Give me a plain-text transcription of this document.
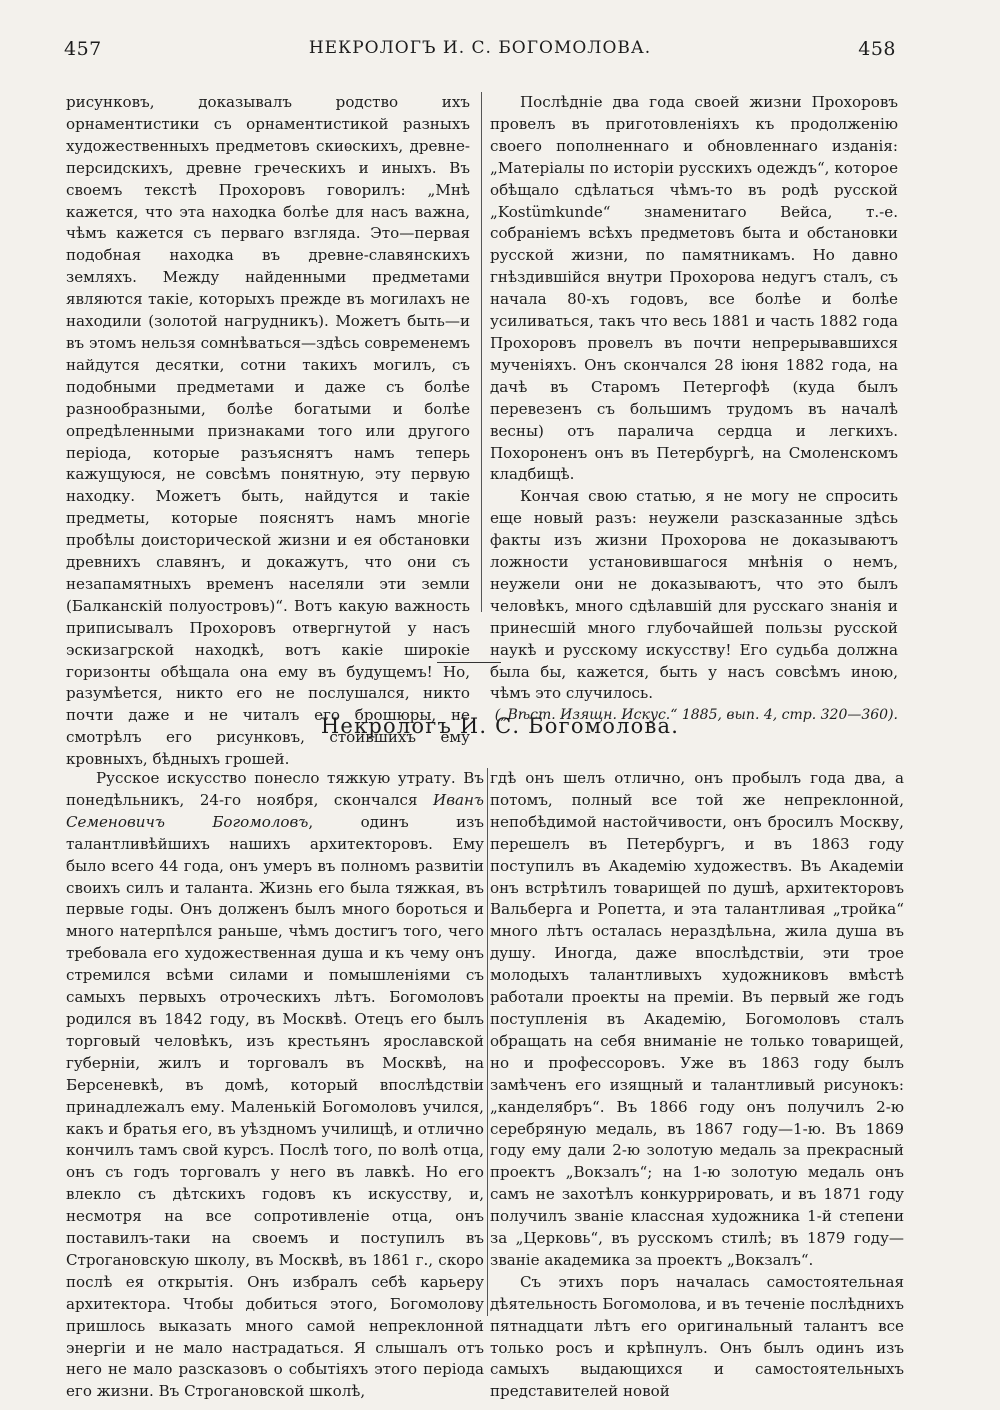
457	НЕКРОЛОГЪ И. С. БОГОМОЛОВА.	458

рисунковъ, доказывалъ родство ихъ орнаментистики съ орнаментистикой разныхъ художественныхъ предметовъ скиѳскихъ, древне-персидскихъ, древне греческихъ и иныхъ. Въ своемъ текстѣ Прохоровъ говорилъ: „Мнѣ кажется, что эта находка болѣе для насъ важна, чѣмъ кажется съ перваго взгляда. Это—первая подобная находка въ древне-славянскихъ земляхъ. Между найденными предметами являются такіе, которыхъ прежде въ могилахъ не находили (золотой нагрудникъ). Можетъ быть—и въ этомъ нельзя сомнѣваться—здѣсь современемъ найдутся десятки, сотни такихъ могилъ, съ подобными предметами и даже съ болѣе разнообразными, болѣе богатыми и болѣе опредѣленными признаками того или другого періода, которые разъяснятъ намъ теперь кажущуюся, не совсѣмъ понятную, эту первую находку. Можетъ быть, найдутся и такіе предметы, которые пояснятъ намъ многіе пробѣлы доисторической жизни и ея обстановки древнихъ славянъ, и докажутъ, что они съ незапамятныхъ временъ населяли эти земли (Балканскій полуостровъ)“. Вотъ какую важность приписывалъ Прохоровъ отвергнутой у насъ эскизагрской находкѣ, вотъ какіе широкіе горизонты обѣщала она ему въ будущемъ! Но, разумѣется, никто его не послушался, никто почти даже и не читалъ его брошюры, не смотрѣлъ его рисунковъ, стоившихъ ему кровныхъ, бѣдныхъ грошей.

Послѣдніе два года своей жизни Прохоровъ провелъ въ приготовленіяхъ къ продолженію своего пополненнаго и обновленнаго изданія: „Матеріалы по исторіи русскихъ одеждъ“, которое обѣщало сдѣлаться чѣмъ-то въ родѣ русской „Kostümkunde“ знаменитаго Вейса, т.-е. собраніемъ всѣхъ предметовъ быта и обстановки русской жизни, по памятникамъ. Но давно гнѣздившійся внутри Прохорова недугъ сталъ, съ начала 80-хъ годовъ, все болѣе и болѣе усиливаться, такъ что весь 1881 и часть 1882 года Прохоровъ провелъ въ почти непрерывавшихся мученіяхъ. Онъ скончался 28 іюня 1882 года, на дачѣ въ Старомъ Петергофѣ (куда былъ перевезенъ съ большимъ трудомъ въ началѣ весны) отъ паралича сердца и легкихъ. Похороненъ онъ въ Петербургѣ, на Смоленскомъ кладбищѣ.

Кончая свою статью, я не могу не спросить еще новый разъ: неужели разсказанные здѣсь факты изъ жизни Прохорова не доказываютъ ложности установившагося мнѣнія о немъ, неужели они не доказываютъ, что это былъ человѣкъ, много сдѣлавшій для русскаго знанія и принесшій много глубочайшей пользы русской наукѣ и русскому искусству! Его судьба должна была бы, кажется, быть у насъ совсѣмъ иною, чѣмъ это случилось.

(„Вѣст. Изящн. Искус.“ 1885, вып. 4, стр. 320—360).

Некрологъ И. С. Богомолова.

Русское искусство понесло тяжкую утрату. Въ понедѣльникъ, 24-го ноября, скончался Иванъ Семеновичъ Богомоловъ, одинъ изъ талантливѣйшихъ нашихъ архитекторовъ. Ему было всего 44 года, онъ умеръ въ полномъ развитіи своихъ силъ и таланта. Жизнь его была тяжкая, въ первые годы. Онъ долженъ былъ много бороться и много натерпѣлся раньше, чѣмъ достигъ того, чего требовала его художественная душа и къ чему онъ стремился всѣми силами и помышленіями съ самыхъ первыхъ отроческихъ лѣтъ. Богомоловъ родился въ 1842 году, въ Москвѣ. Отецъ его былъ торговый человѣкъ, изъ крестьянъ ярославской губерніи, жилъ и торговалъ въ Москвѣ, на Берсеневкѣ, въ домѣ, который впослѣдствіи принадлежалъ ему. Маленькій Богомоловъ учился, какъ и братья его, въ уѣздномъ училищѣ, и отлично кончилъ тамъ свой курсъ. Послѣ того, по волѣ отца, онъ съ годъ торговалъ у него въ лавкѣ. Но его влекло съ дѣтскихъ годовъ къ искусству, и, несмотря на все сопротивленіе отца, онъ поставилъ-таки на своемъ и поступилъ въ Строгановскую школу, въ Москвѣ, въ 1861 г., скоро послѣ ея открытія. Онъ избралъ себѣ карьеру архитектора. Чтобы добиться этого, Богомолову пришлось выказать много самой непреклонной энергіи и не мало настрадаться. Я слышалъ отъ него не мало разсказовъ о событіяхъ этого періода его жизни. Въ Строгановской школѣ,

гдѣ онъ шелъ отлично, онъ пробылъ года два, а потомъ, полный все той же непреклонной, непобѣдимой настойчивости, онъ бросилъ Москву, перешелъ въ Петербургъ, и въ 1863 году поступилъ въ Академію художествъ. Въ Академіи онъ встрѣтилъ товарищей по душѣ, архитекторовъ Вальберга и Ропетта, и эта талантливая „тройка“ много лѣтъ осталась нераздѣльна, жила душа въ душу. Иногда, даже впослѣдствіи, эти трое молодыхъ талантливыхъ художниковъ вмѣстѣ работали проекты на преміи. Въ первый же годъ поступленія въ Академію, Богомоловъ сталъ обращать на себя вниманіе не только товарищей, но и профессоровъ. Уже въ 1863 году былъ замѣченъ его изящный и талантливый рисунокъ: „канделябръ“. Въ 1866 году онъ получилъ 2-ю серебряную медаль, въ 1867 году—1-ю. Въ 1869 году ему дали 2-ю золотую медаль за прекрасный проектъ „Вокзалъ“; на 1-ю золотую медаль онъ самъ не захотѣлъ конкуррировать, и въ 1871 году получилъ званіе классная художника 1-й степени за „Церковь“, въ русскомъ стилѣ; въ 1879 году—званіе академика за проектъ „Вокзалъ“.

Съ этихъ поръ началась самостоятельная дѣятельность Богомолова, и въ теченіе послѣднихъ пятнадцати лѣтъ его оригинальный талантъ все только росъ и крѣпнулъ. Онъ былъ одинъ изъ самыхъ выдающихся и самостоятельныхъ представителей новой
